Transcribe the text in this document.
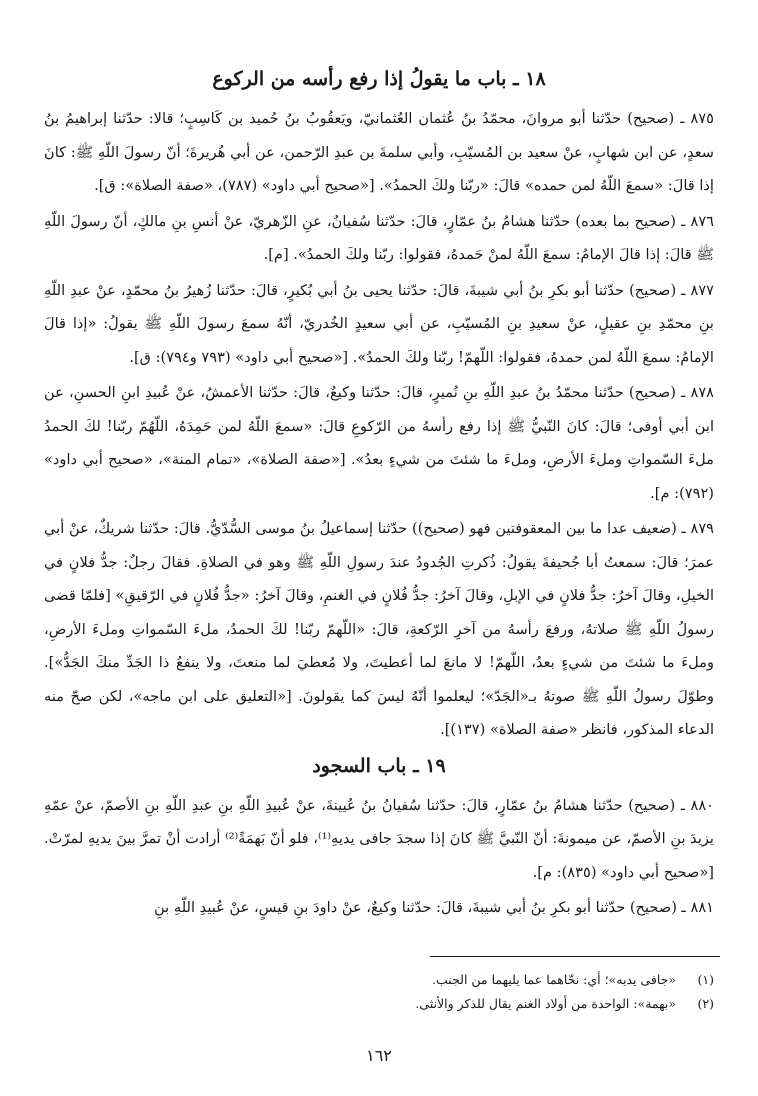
١٨ ـ باب ما يقولُ إذا رفع رأسه من الركوع

٨٧٥ ـ (صحيح) حدّثنا أبو مروانَ، محمّدُ بنُ عُثمان العُثمانيّ، ويَعقُوبُ بنُ حُميد بن كَاسِبٍ؛ قالا: حدّثنا إبراهيمُ بنُ سعدٍ، عن ابن شهابٍ، عنْ سعيد بن المُسيّبِ، وأبي سلمةَ بن عبدِ الرّحمن، عن أبي هُريرةَ؛ أنّ رسولَ اللّهِ ﷺ: كانَ إذا قالَ: «سمعَ اللّهُ لمن حمده» قالَ: «ربّنا ولكَ الحمدُ». [«صحيح أبي داود» (٧٨٧)، «صفة الصلاة»: ق].

٨٧٦ ـ (صحيح بما بعده) حدّثنا هشامُ بنُ عمّارٍ، قالَ: حدّثنا سُفيانُ، عنِ الزّهريّ، عنْ أنسِ بنِ مالكٍ، أنّ رسولَ اللّهِ ﷺ قالَ: إذا قالَ الإمامُ: سمعَ اللّهُ لمنْ حَمدهُ، فقولوا: ربّنا ولكَ الحمدُ». [م].

٨٧٧ ـ (صحيح) حدّثنا أبو بكرِ بنُ أبي شيبةَ، قالَ: حدّثنا يحيى بنُ أبي بُكيرٍ، قالَ: حدّثنا زُهيرُ بنُ محمّدٍ، عنْ عبدِ اللّهِ بنِ محمّدِ بنِ عقيلٍ، عنْ سعيدِ بنِ المُسيّبِ، عن أبي سعيدٍ الخُدريّ، أنّهُ سمعَ رسولَ اللّهِ ﷺ يقولُ: «إذا قالَ الإمامُ: سمعَ اللّهُ لمن حمدهُ، فقولوا: اللّهمّ! ربّنا ولكَ الحمدُ». [«صحيح أبي داود» (٧٩٣ و٧٩٤): ق].

٨٧٨ ـ (صحيح) حدّثنا محمّدُ بنُ عبدِ اللّهِ بنِ نُميرٍ، قالَ: حدّثنا وكيعٌ، قالَ: حدّثنا الأعمشُ، عنْ عُبيدِ ابنِ الحسنِ، عن ابن أبي أوفى؛ قالَ: كانَ النّبيُّ ﷺ إذا رفع رأسهُ من الرّكوعِ قالَ: «سمعَ اللّهُ لمن حَمِدَهُ، اللّهُمّ ربّنا! لكَ الحمدُ ملءَ السّمواتِ وملءَ الأرضِ، وملءَ ما شئتَ من شيءٍ بعدُ». [«صفة الصلاة»، «تمام المنة»، «صحيح أبي داود» (٧٩٢): م].

٨٧٩ ـ (ضعيف عدا ما بين المعقوفتين فهو (صحيح)) حدّثنا إسماعيلُ بنُ موسى السُّدّيُّ. قالَ: حدّثنا شريكٌ، عنْ أبي عمرَ؛ قالَ: سمعتُ أبا جُحيفةَ يقولُ: ذُكرتِ الجُدودُ عندَ رسولِ اللّهِ ﷺ وهو في الصلاةِ. فقالَ رجلٌ: جدُّ فلانٍ في الخيلِ، وقالَ آخرُ: جدُّ فلانٍ في الإبلِ، وقالَ آخرُ: جدُّ فُلانٍ في الغنمِ، وقالَ آخرُ: «جدُّ فُلانٍ في الرّقيقِ» [فلمّا قضى رسولُ اللّهِ ﷺ صلاتهُ، ورفعَ رأسهُ من آخرِ الرّكعةِ، قالَ: «اللّهمّ ربّنا! لكَ الحمدُ، ملءَ السّمواتِ وملءَ الأرضِ، وملءَ ما شئتَ من شيءٍ بعدُ، اللّهمّ! لا مانعَ لما أعطيتَ، ولا مُعطيَ لما منعتَ، ولا ينفعُ ذا الجَدِّ منكَ الجَدُّ»]. وطوّلَ رسولُ اللّهِ ﷺ صوتهُ بـ«الجَدّ»؛ ليعلموا أنّهُ ليسَ كما يقولونَ. [«التعليق على ابن ماجه»، لكن صحّ منه الدعاء المذكور، فانظر «صفة الصلاة» (١٣٧)].

١٩ ـ باب السجود

٨٨٠ ـ (صحيح) حدّثنا هشامُ بنُ عمّارٍ، قالَ: حدّثنا سُفيانُ بنُ عُيينةَ، عنْ عُبيدِ اللّهِ بنِ عبدِ اللّهِ بنِ الأصمّ، عنْ عمّهِ يزيدَ بنِ الأصمّ، عن ميمونةَ: أنّ النّبيَّ ﷺ كانَ إذا سجدَ جافى يديهِ⁽¹⁾، فلو أنّ بَهمَةً⁽²⁾ أرادت أنْ تمرَّ بينَ يديهِ لمرّتْ. [«صحيح أبي داود» (٨٣٥): م].

٨٨١ ـ (صحيح) حدّثنا أبو بكرِ بنُ أبي شيبةَ، قالَ: حدّثنا وكيعٌ، عنْ داودَ بنِ قيسٍ، عنْ عُبيدِ اللّهِ بنِ

(١) «جافى يديه»؛ أي: نحّاهما عما يليهما من الجنب.
(٢) «بهمة»: الواحدة من أولاد الغنم يقال للذكر والأنثى.
١٦٢
